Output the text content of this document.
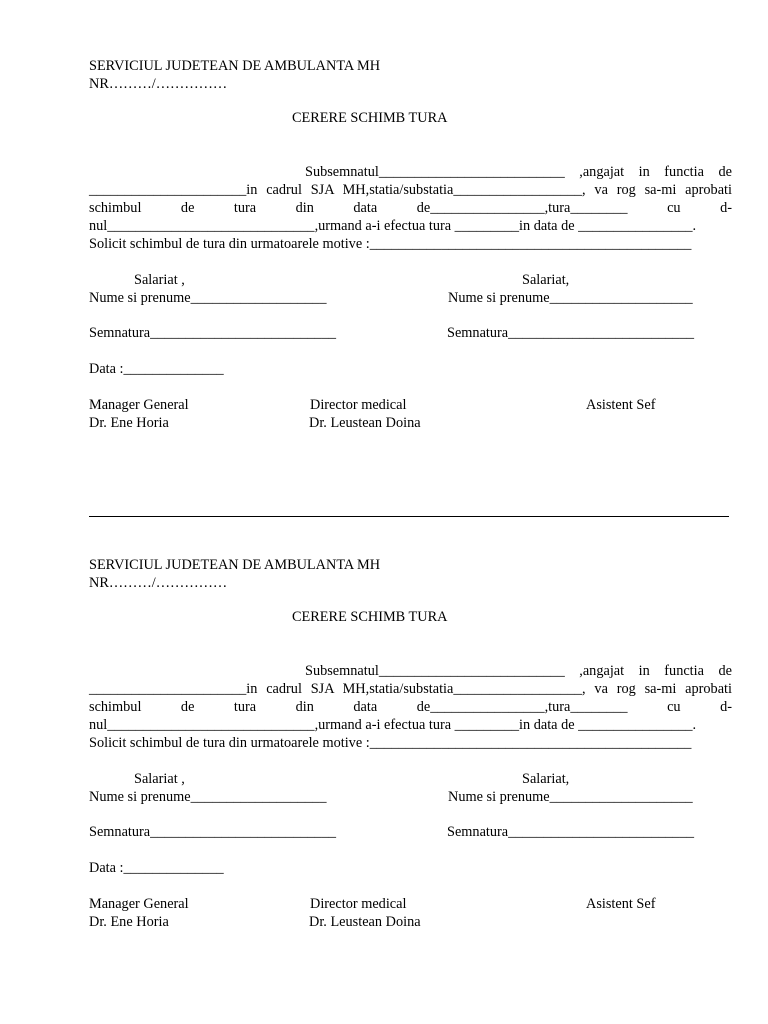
SERVICIUL JUDETEAN DE AMBULANTA MH
NR………/……………
CERERE SCHIMB TURA
Subsemnatul__________________________ ,angajat in functia de
______________________in cadrul SJA MH,statia/substatia__________________, va rog sa-mi aprobati
schimbul de tura din data de________________,tura________ cu d-
nul_____________________________,urmand a-i efectua tura _________in data de ________________.
Solicit schimbul de tura din urmatoarele motive :_____________________________________________
Salariat ,
Nume si prenume___________________
Salariat,
Nume si prenume____________________
Semnatura__________________________	Semnatura__________________________
Data :______________
Manager General
Dr. Ene Horia
Director medical
Dr. Leustean Doina
Asistent Sef
SERVICIUL JUDETEAN DE AMBULANTA MH
NR………/……………
CERERE SCHIMB TURA
Subsemnatul__________________________ ,angajat in functia de
______________________in cadrul SJA MH,statia/substatia__________________, va rog sa-mi aprobati
schimbul de tura din data de________________,tura________ cu d-
nul_____________________________,urmand a-i efectua tura _________in data de ________________.
Solicit schimbul de tura din urmatoarele motive :_____________________________________________
Salariat ,
Nume si prenume___________________
Salariat,
Nume si prenume____________________
Semnatura__________________________	Semnatura__________________________
Data :______________
Manager General
Dr. Ene Horia
Director medical
Dr. Leustean Doina
Asistent Sef
